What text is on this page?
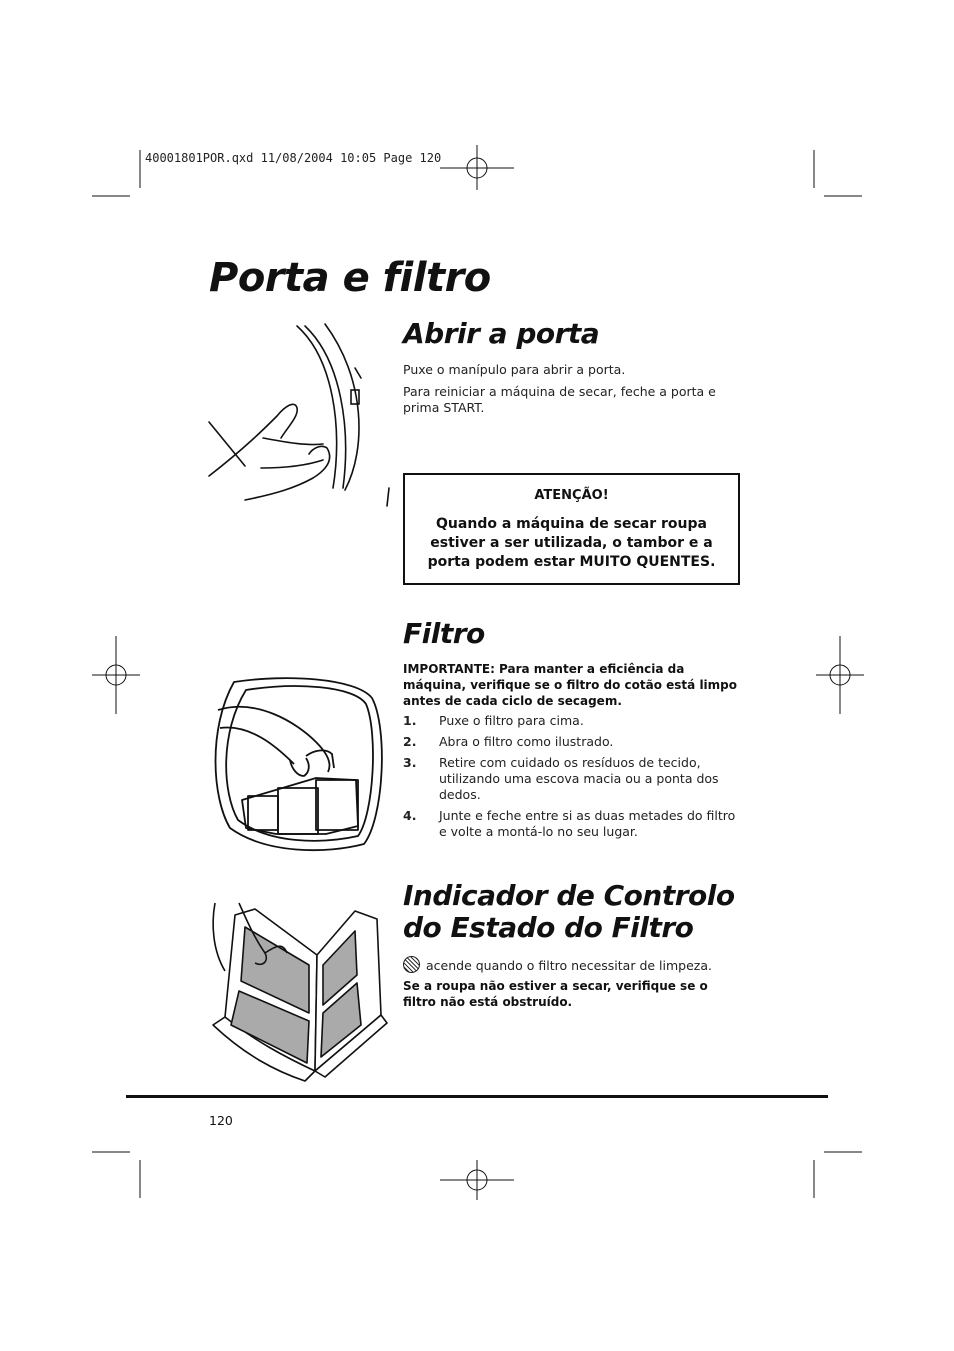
40001801POR.qxd 11/08/2004 10:05 Page 120
Porta e filtro
Abrir a porta
Puxe o manípulo para abrir a porta.
Para reiniciar a máquina de secar, feche a porta e prima START.
ATENÇÃO!
Quando a máquina de secar roupa estiver a ser utilizada, o tambor e a porta podem estar MUITO QUENTES.
Filtro
IMPORTANTE: Para manter a eficiência da máquina, verifique se o filtro do cotão está limpo antes de cada ciclo de secagem.
1. Puxe o filtro para cima.
2. Abra o filtro como ilustrado.
3. Retire com cuidado os resíduos de tecido, utilizando uma escova macia ou a ponta dos dedos.
4. Junte e feche entre si as duas metades do filtro e volte a montá-lo no seu lugar.
Indicador de Controlo do Estado do Filtro
acende quando o filtro necessitar de limpeza.
Se a roupa não estiver a secar, verifique se o filtro não está obstruído.
120
